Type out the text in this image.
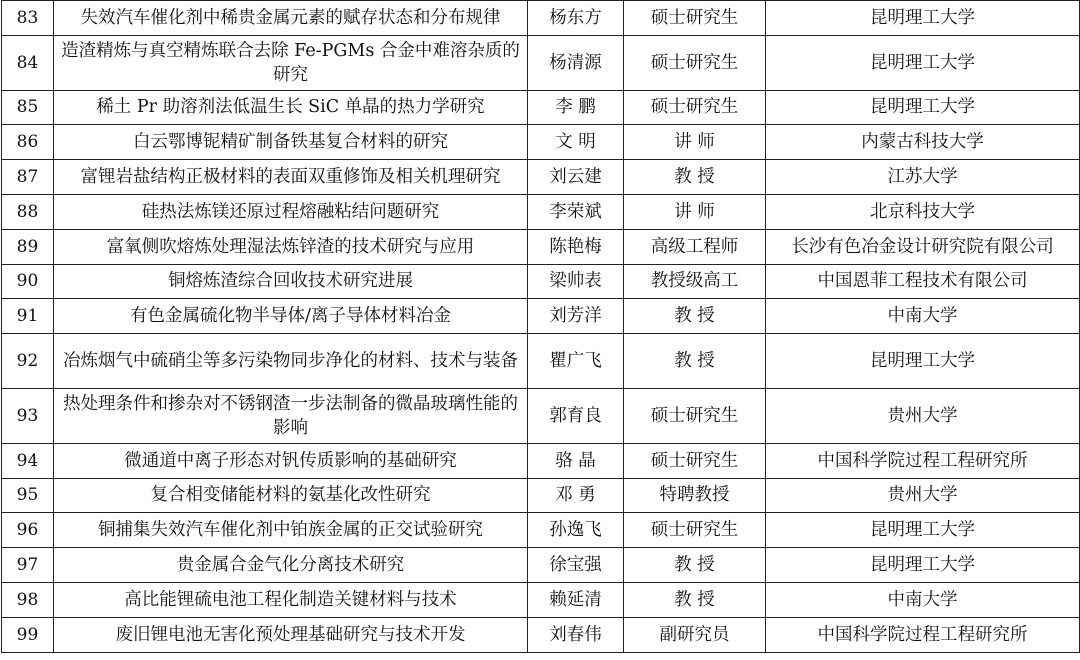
83	失效汽车催化剂中稀贵金属元素的赋存状态和分布规律	杨东方	硕士研究生	昆明理工大学
84	造渣精炼与真空精炼联合去除 Fe-PGMs 合金中难溶杂质的研究	杨清源	硕士研究生	昆明理工大学
85	稀土 Pr 助溶剂法低温生长 SiC 单晶的热力学研究	李 鹏	硕士研究生	昆明理工大学
86	白云鄂博铌精矿制备铁基复合材料的研究	文 明	讲 师	内蒙古科技大学
87	富锂岩盐结构正极材料的表面双重修饰及相关机理研究	刘云建	教 授	江苏大学
88	硅热法炼镁还原过程熔融粘结问题研究	李荣斌	讲 师	北京科技大学
89	富氧侧吹熔炼处理湿法炼锌渣的技术研究与应用	陈艳梅	高级工程师	长沙有色冶金设计研究院有限公司
90	铜熔炼渣综合回收技术研究进展	梁帅表	教授级高工	中国恩菲工程技术有限公司
91	有色金属硫化物半导体/离子导体材料冶金	刘芳洋	教 授	中南大学
92	冶炼烟气中硫硝尘等多污染物同步净化的材料、技术与装备	瞿广飞	教 授	昆明理工大学
93	热处理条件和掺杂对不锈钢渣一步法制备的微晶玻璃性能的影响	郭育良	硕士研究生	贵州大学
94	微通道中离子形态对钒传质影响的基础研究	骆 晶	硕士研究生	中国科学院过程工程研究所
95	复合相变储能材料的氨基化改性研究	邓 勇	特聘教授	贵州大学
96	铜捕集失效汽车催化剂中铂族金属的正交试验研究	孙逸飞	硕士研究生	昆明理工大学
97	贵金属合金气化分离技术研究	徐宝强	教 授	昆明理工大学
98	高比能锂硫电池工程化制造关键材料与技术	赖延清	教 授	中南大学
99	废旧锂电池无害化预处理基础研究与技术开发	刘春伟	副研究员	中国科学院过程工程研究所
